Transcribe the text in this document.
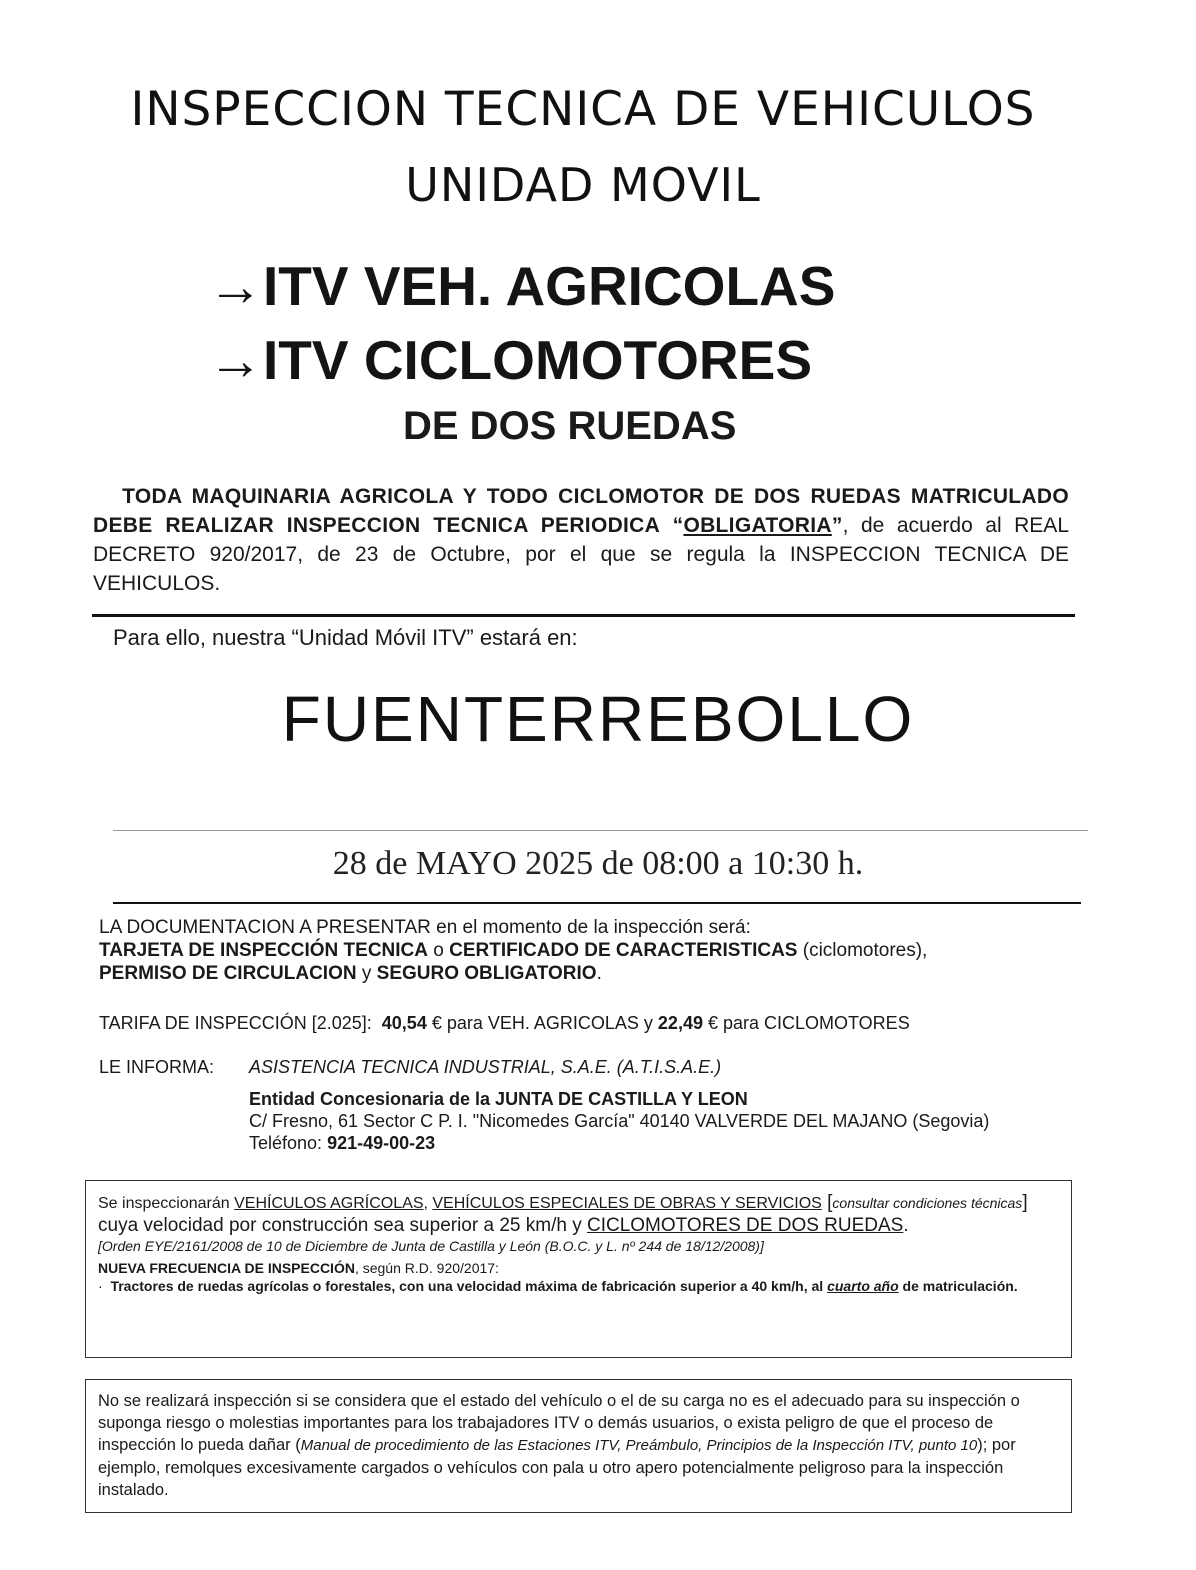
INSPECCION TECNICA DE VEHICULOS
UNIDAD MOVIL
→ITV VEH. AGRICOLAS
→ITV CICLOMOTORES
DE DOS RUEDAS
TODA MAQUINARIA AGRICOLA Y TODO CICLOMOTOR DE DOS RUEDAS MATRICULADO DEBE REALIZAR INSPECCION TECNICA PERIODICA “OBLIGATORIA”, de acuerdo al REAL DECRETO 920/2017, de 23 de Octubre, por el que se regula la INSPECCION TECNICA DE VEHICULOS.
Para ello, nuestra “Unidad Móvil ITV” estará en:
FUENTERREBOLLO
28 de MAYO 2025 de 08:00 a 10:30 h.
LA DOCUMENTACION A PRESENTAR en el momento de la inspección será:
TARJETA DE INSPECCIÓN TECNICA o CERTIFICADO DE CARACTERISTICAS (ciclomotores),
PERMISO DE CIRCULACION y SEGURO OBLIGATORIO.
TARIFA DE INSPECCIÓN [2.025]: 40,54 € para VEH. AGRICOLAS y 22,49 € para CICLOMOTORES
LE INFORMA: ASISTENCIA TECNICA INDUSTRIAL, S.A.E. (A.T.I.S.A.E.)
Entidad Concesionaria de la JUNTA DE CASTILLA Y LEON
C/ Fresno, 61 Sector C P. I. "Nicomedes García" 40140 VALVERDE DEL MAJANO (Segovia)
Teléfono: 921-49-00-23
Se inspeccionarán VEHÍCULOS AGRÍCOLAS, VEHÍCULOS ESPECIALES DE OBRAS Y SERVICIOS [consultar condiciones técnicas] cuya velocidad por construcción sea superior a 25 km/h y CICLOMOTORES DE DOS RUEDAS.
[Orden EYE/2161/2008 de 10 de Diciembre de Junta de Castilla y León (B.O.C. y L. nº 244 de 18/12/2008)]
NUEVA FRECUENCIA DE INSPECCIÓN, según R.D. 920/2017:
· Tractores de ruedas agrícolas o forestales, con una velocidad máxima de fabricación superior a 40 km/h, al cuarto año de matriculación.
No se realizará inspección si se considera que el estado del vehículo o el de su carga no es el adecuado para su inspección o suponga riesgo o molestias importantes para los trabajadores ITV o demás usuarios, o exista peligro de que el proceso de inspección lo pueda dañar (Manual de procedimiento de las Estaciones ITV, Preámbulo, Principios de la Inspección ITV, punto 10); por ejemplo, remolques excesivamente cargados o vehículos con pala u otro apero potencialmente peligroso para la inspección instalado.
